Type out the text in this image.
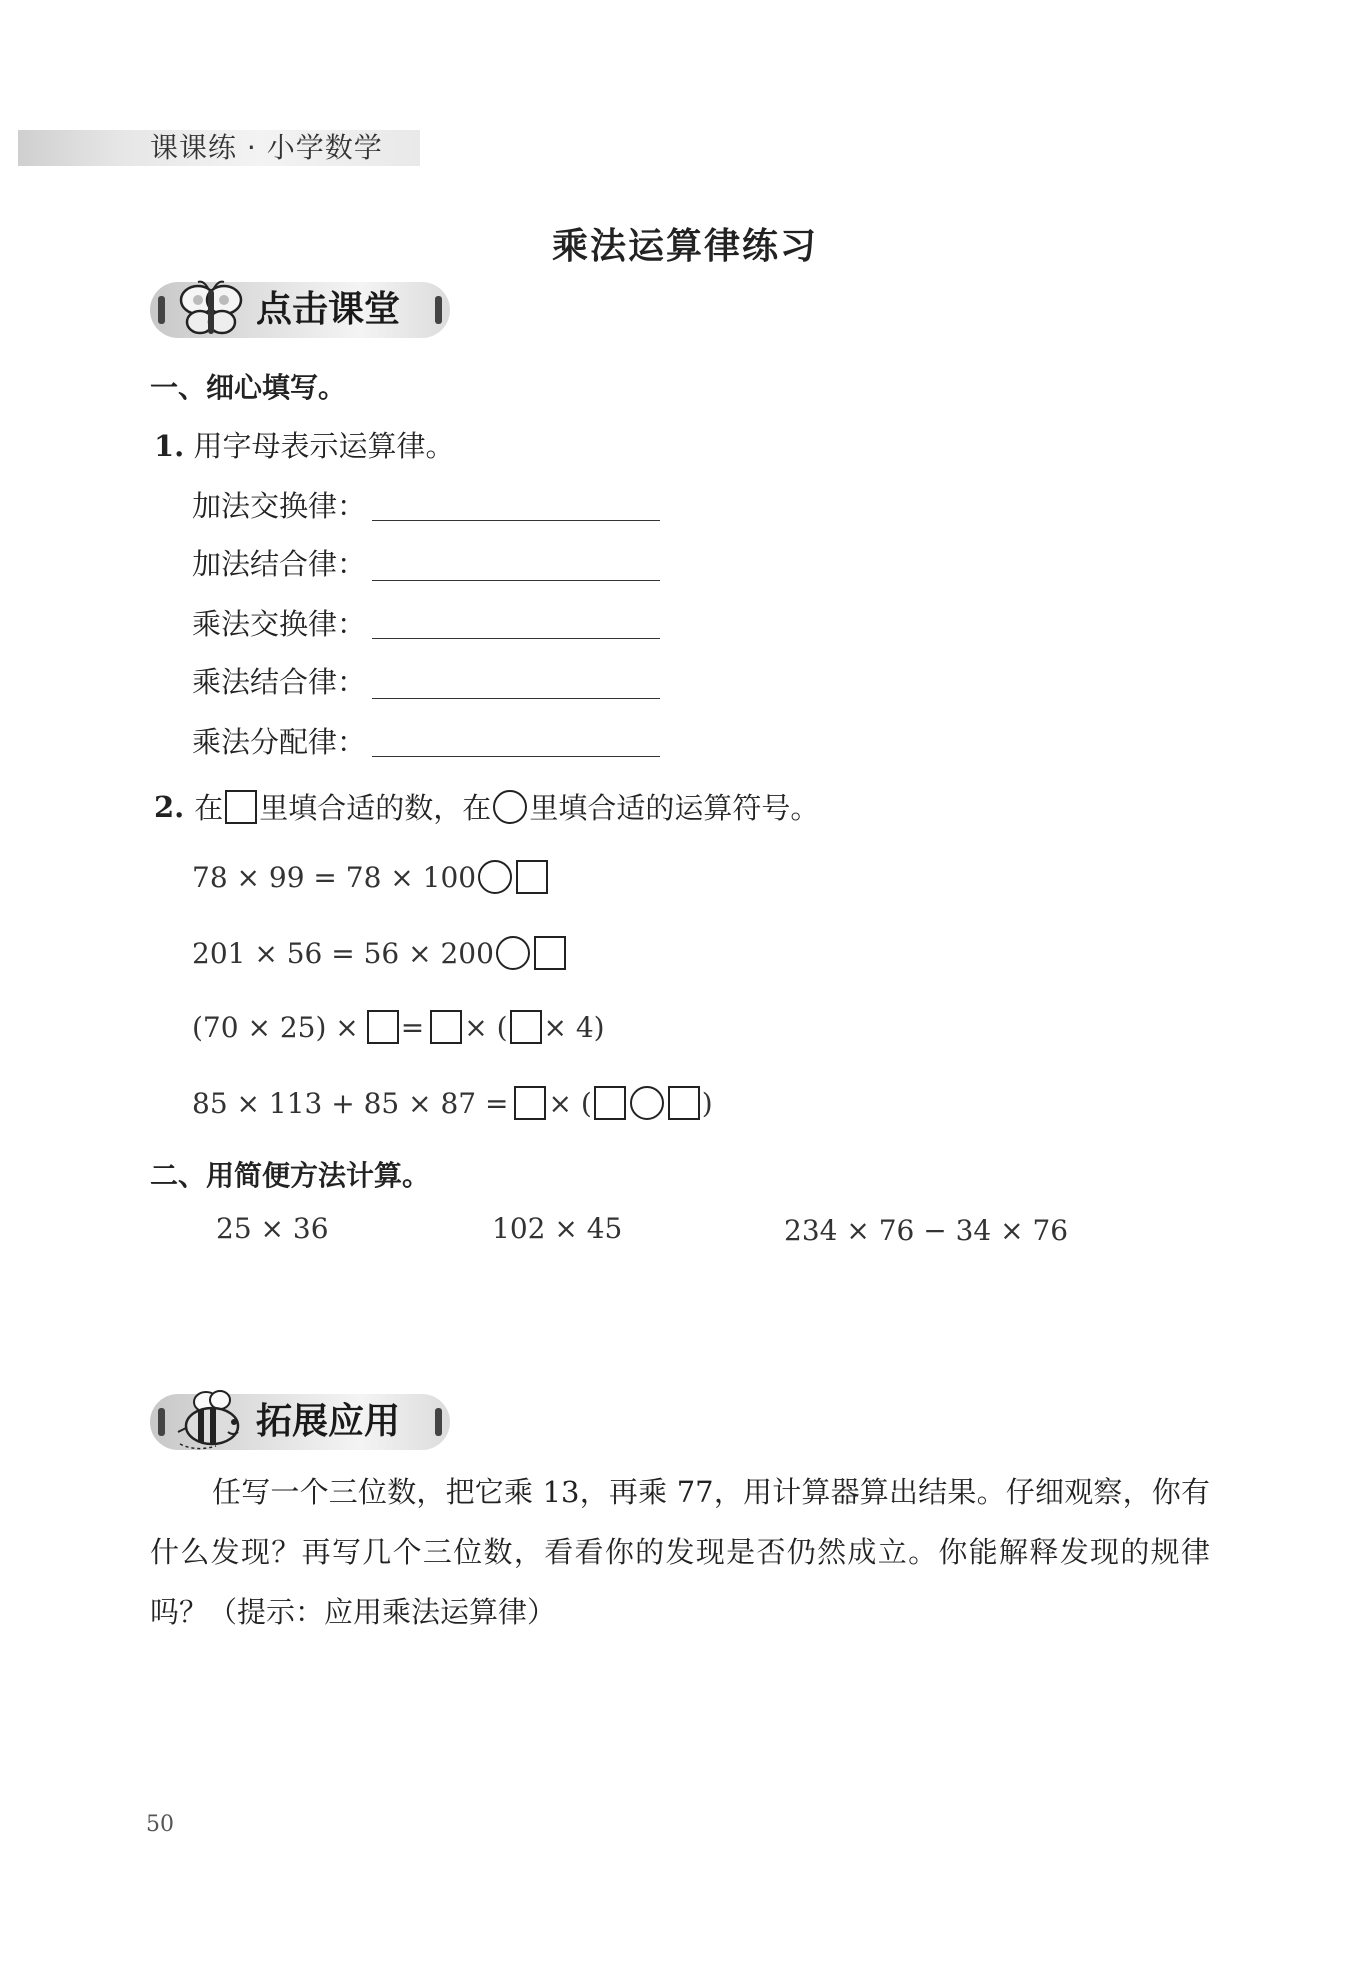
课课练 · 小学数学
乘法运算律练习
点击课堂
一、细心填写。
1. 用字母表示运算律。
加法交换律：
加法结合律：
乘法交换律：
乘法结合律：
乘法分配律：
2. 在 里填合适的数，在 里填合适的运算符号。
78 × 99 = 78 × 100
201 × 56 = 56 × 200
(70 × 25) × = × ( × 4)
85 × 113 + 85 × 87 = × (	)
二、用简便方法计算。
25 × 36	102 × 45	234 × 76 − 34 × 76
拓展应用
任写一个三位数，把它乘 13，再乘 77，用计算器算出结果。仔细观察，你有什么发现？再写几个三位数，看看你的发现是否仍然成立。你能解释发现的规律吗？（提示：应用乘法运算律）
50
